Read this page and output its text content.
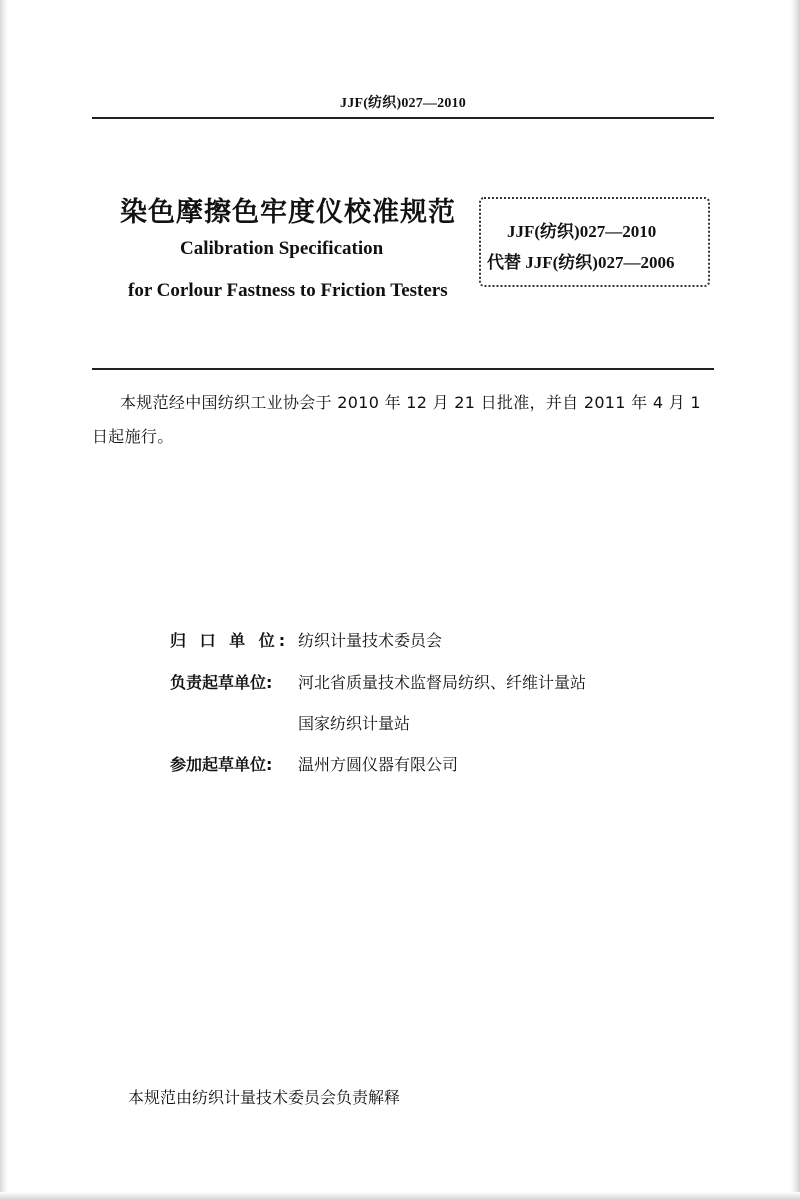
JJF(纺织)027—2010
染色摩擦色牢度仪校准规范
Calibration Specification
for Corlour Fastness to Friction Testers
JJF(纺织)027—2010
代替 JJF(纺织)027—2006
本规范经中国纺织工业协会于 2010 年 12 月 21 日批准，并自 2011 年 4 月 1 日起施行。
归 口 单 位: 纺织计量技术委员会
负责起草单位: 河北省质量技术监督局纺织、纤维计量站
国家纺织计量站
参加起草单位: 温州方圆仪器有限公司
本规范由纺织计量技术委员会负责解释
